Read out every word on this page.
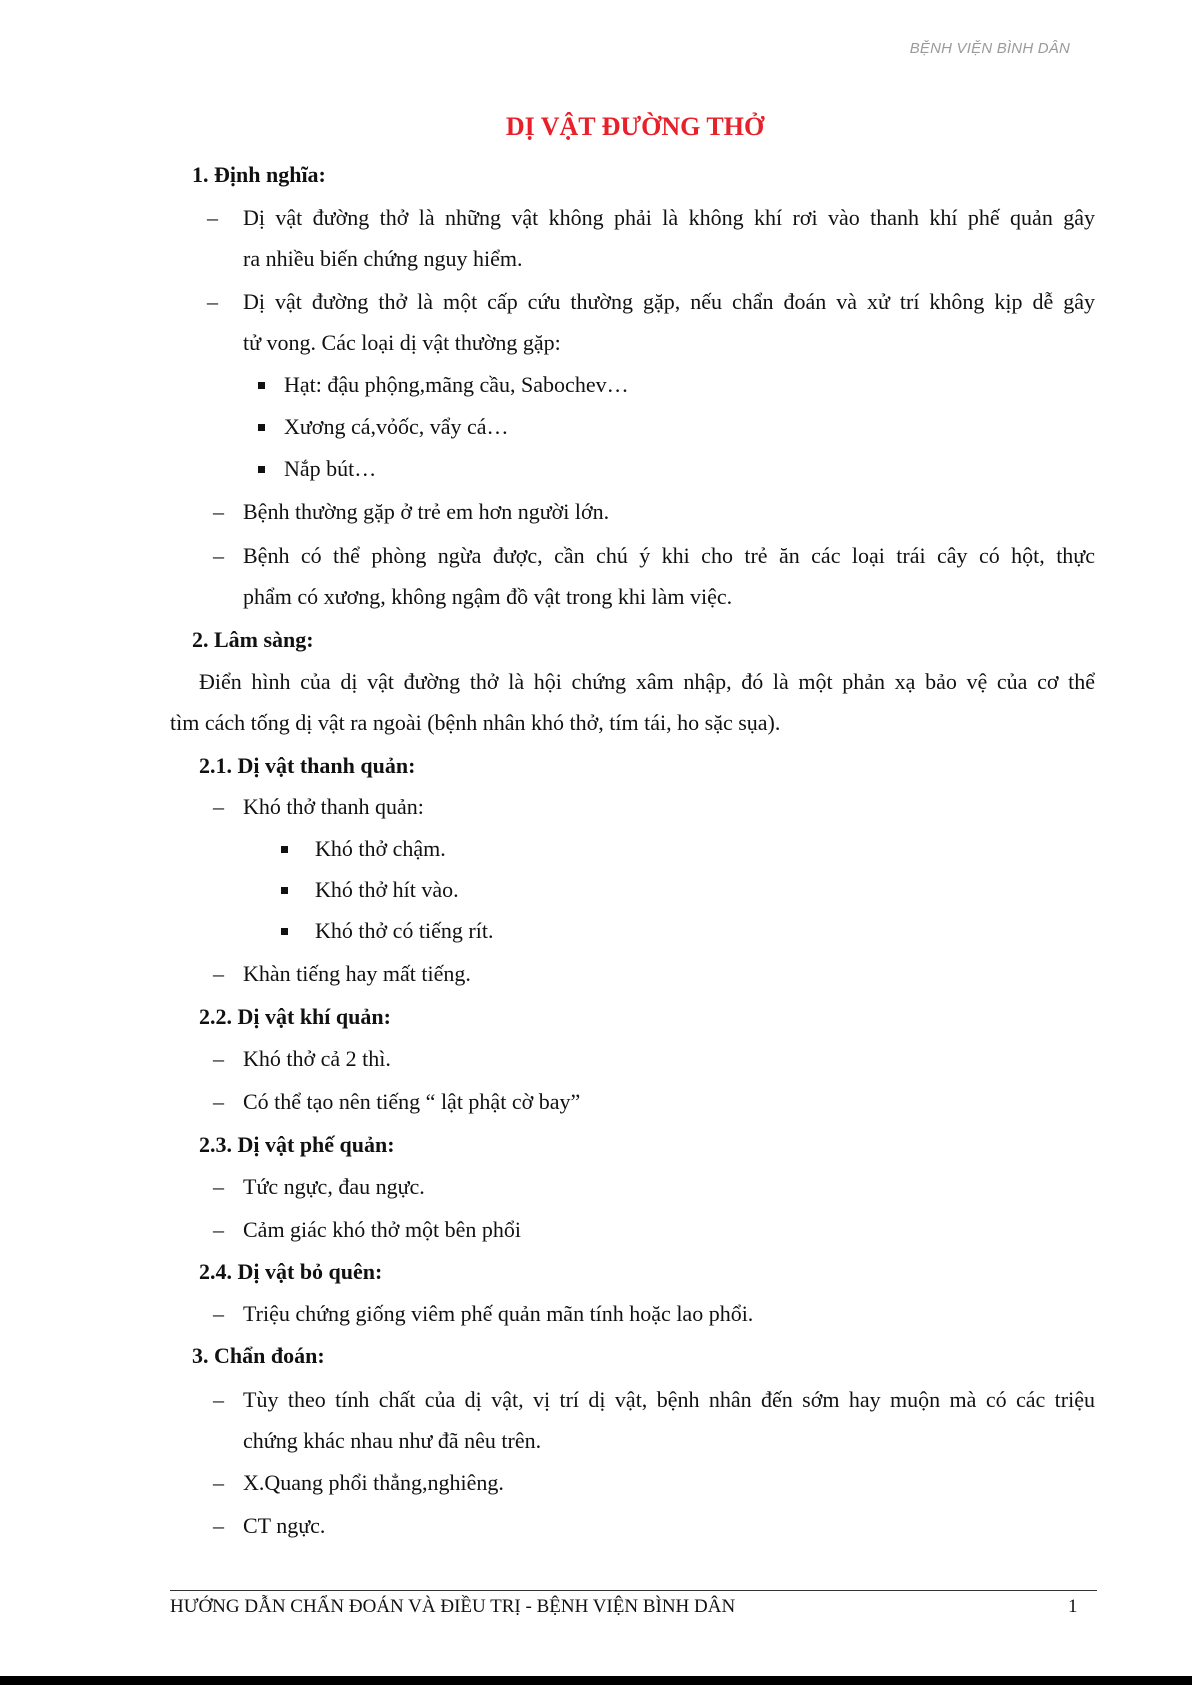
BỆNH VIỆN BÌNH DÂN
DỊ VẬT ĐƯỜNG THỞ
1. Định nghĩa:
– Dị vật đường thở là những vật không phải là không khí rơi vào thanh khí phế quản gây
ra nhiều biến chứng nguy hiểm.
– Dị vật đường thở là một cấp cứu thường gặp, nếu chẩn đoán và xử trí không kịp dễ gây
tử vong. Các loại dị vật thường gặp:
Hạt: đậu phộng,mãng cầu, Sabochev…
Xương cá,vỏốc, vẩy cá…
Nắp bút…
– Bệnh thường gặp ở trẻ em hơn người lớn.
– Bệnh có thể phòng ngừa được, cần chú ý khi cho trẻ ăn các loại trái cây có hột, thực
phẩm có xương, không ngậm đồ vật trong khi làm việc.
2. Lâm sàng:
Điển hình của dị vật đường thở là hội chứng xâm nhập, đó là một phản xạ bảo vệ của cơ thể
tìm cách tống dị vật ra ngoài (bệnh nhân khó thở, tím tái, ho sặc sụa).
2.1. Dị vật thanh quản:
– Khó thở thanh quản:
Khó thở chậm.
Khó thở hít vào.
Khó thở có tiếng rít.
– Khàn tiếng hay mất tiếng.
2.2. Dị vật khí quản:
– Khó thở cả 2 thì.
– Có thể tạo nên tiếng “ lật phật cờ bay”
2.3. Dị vật phế quản:
– Tức ngực, đau ngực.
– Cảm giác khó thở một bên phổi
2.4. Dị vật bỏ quên:
– Triệu chứng giống viêm phế quản mãn tính hoặc lao phổi.
3. Chẩn đoán:
– Tùy theo tính chất của dị vật, vị trí dị vật, bệnh nhân đến sớm hay muộn mà có các triệu
chứng khác nhau như đã nêu trên.
– X.Quang phổi thẳng,nghiêng.
– CT ngực.
HƯỚNG DẪN CHẨN ĐOÁN VÀ ĐIỀU TRỊ - BỆNH VIỆN BÌNH DÂN	1
